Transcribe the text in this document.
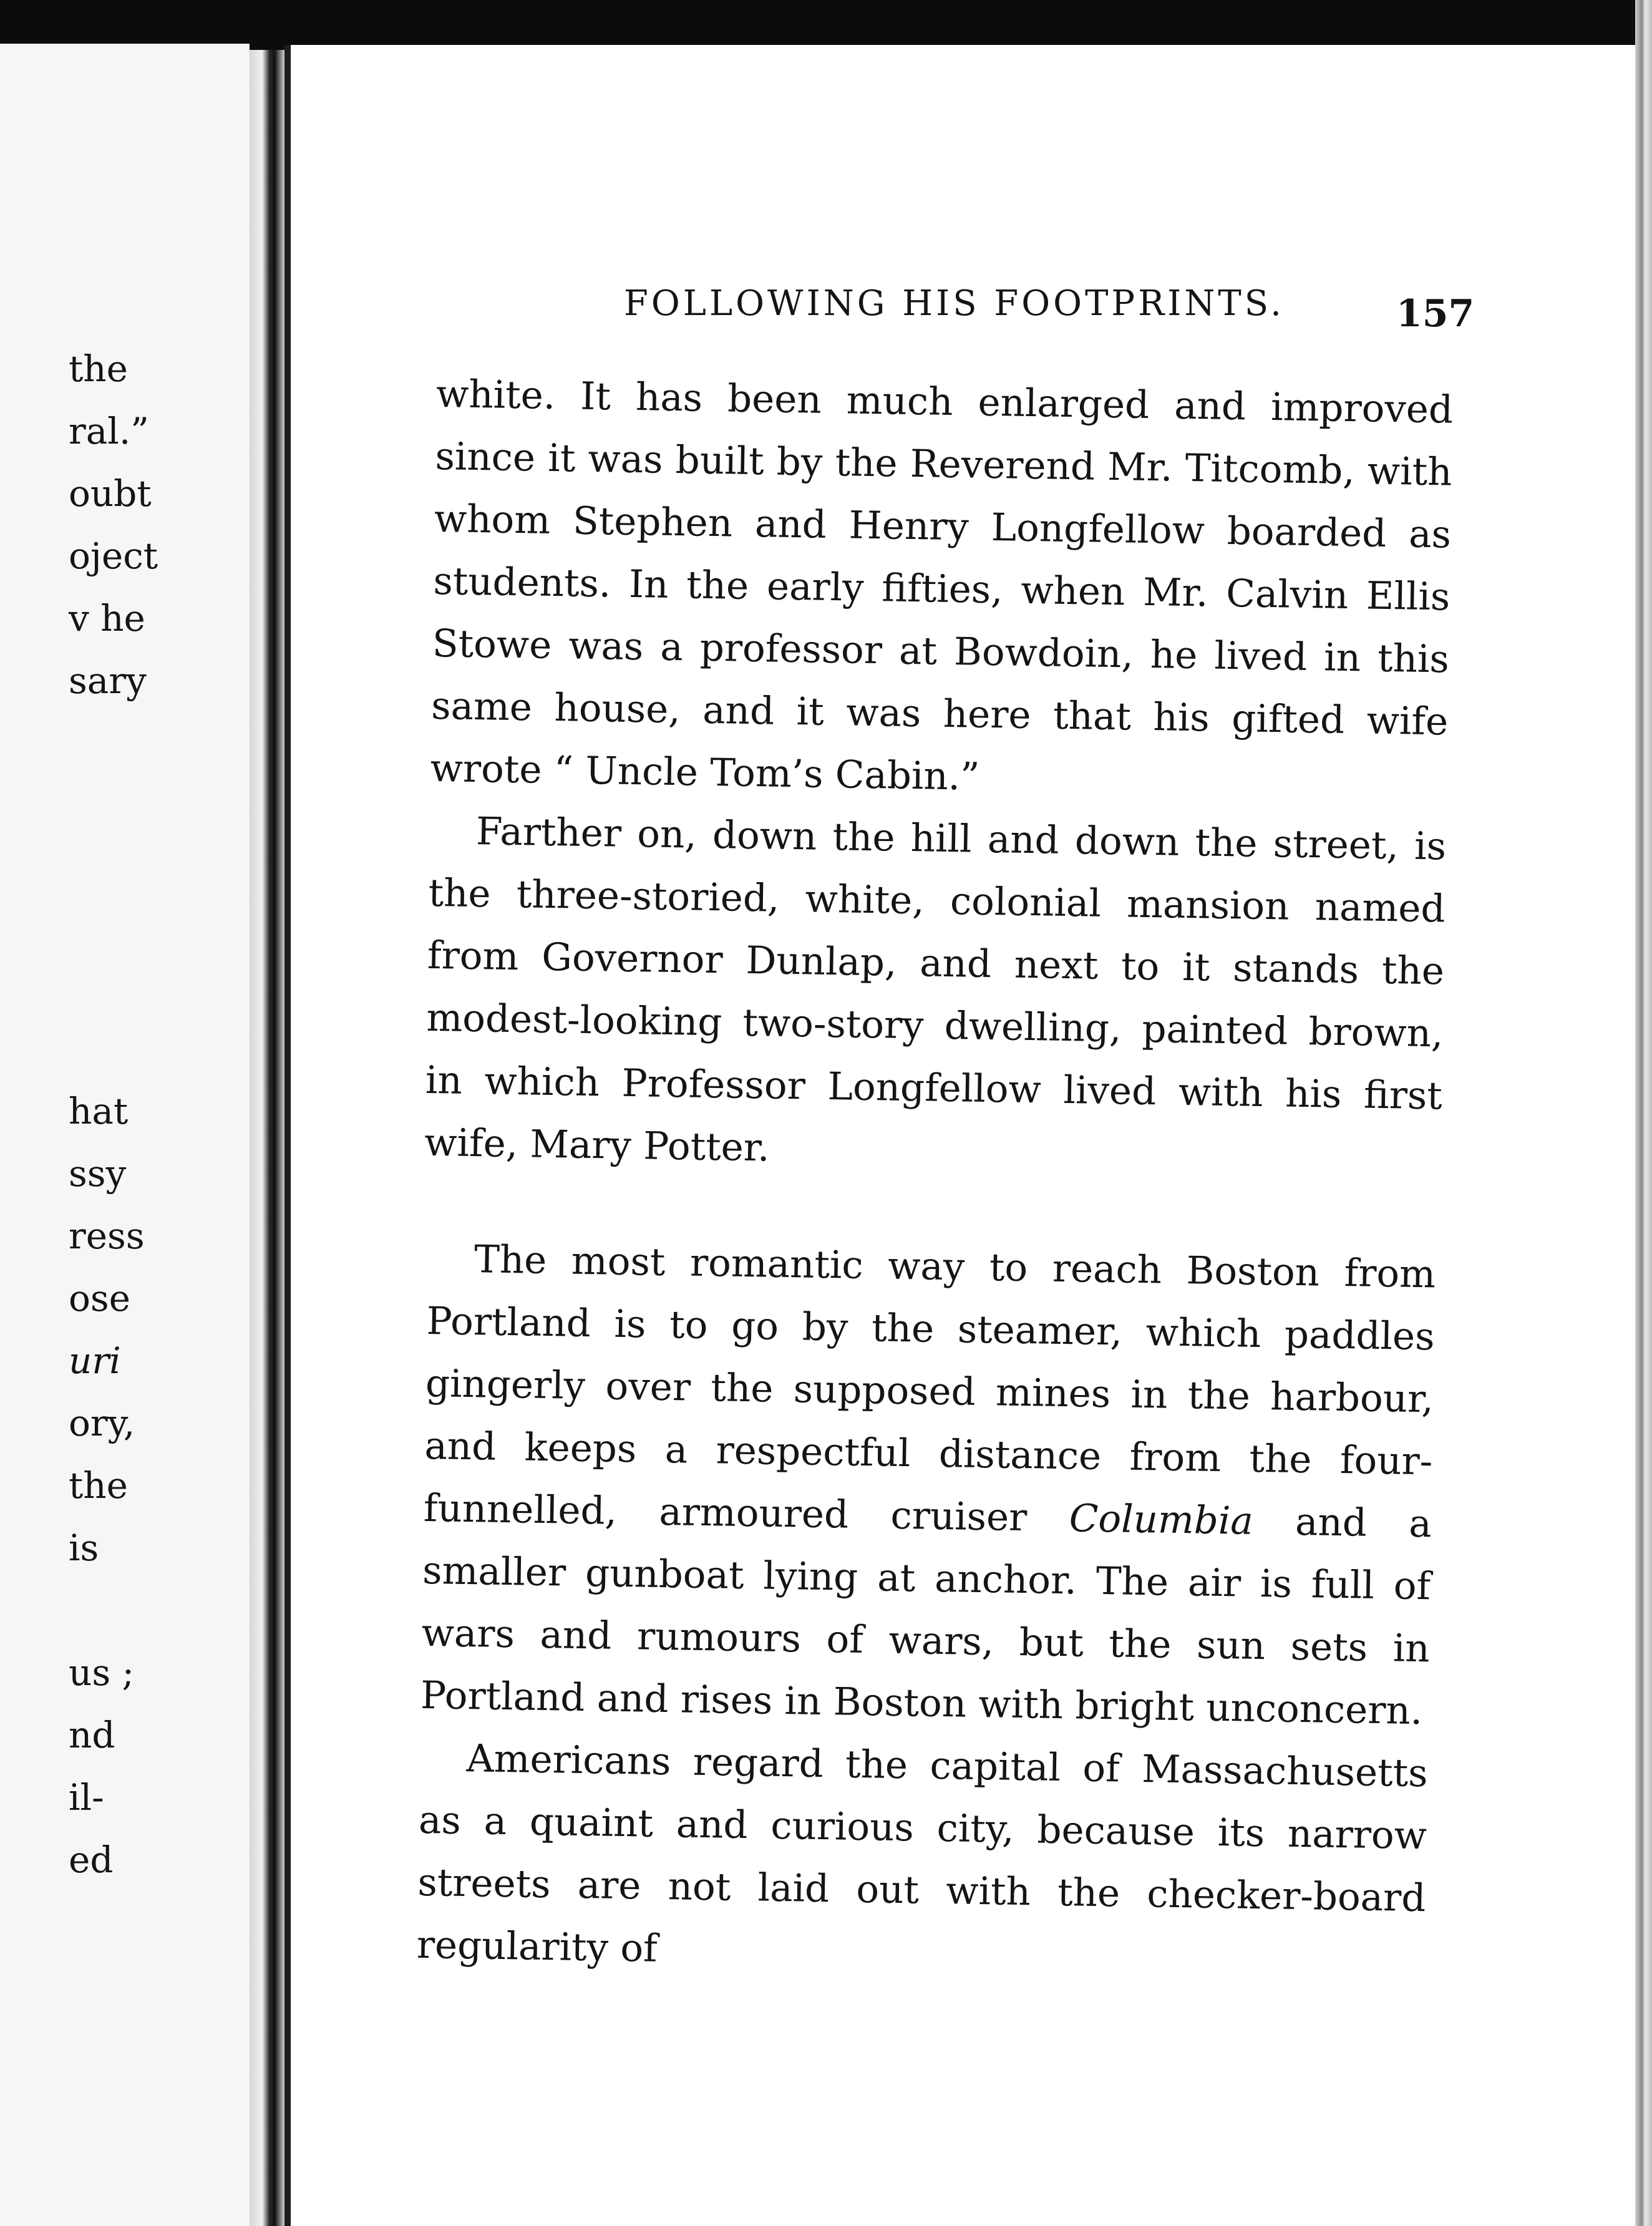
the
ral.”
oubt
oject
v he
sary
hat
ssy
ress
ose
uri
ory,
the
is
us ;
nd
il-
ed
FOLLOWING HIS FOOTPRINTS.	157

white. It has been much enlarged and improved since it was built by the Reverend Mr. Titcomb, with whom Stephen and Henry Longfellow boarded as students. In the early fifties, when Mr. Calvin Ellis Stowe was a professor at Bowdoin, he lived in this same house, and it was here that his gifted wife wrote “ Uncle Tom’s Cabin.”

Farther on, down the hill and down the street, is the three-storied, white, colonial mansion named from Governor Dunlap, and next to it stands the modest-looking two-story dwelling, painted brown, in which Professor Longfellow lived with his first wife, Mary Potter.

The most romantic way to reach Boston from Portland is to go by the steamer, which paddles gingerly over the supposed mines in the harbour, and keeps a respectful distance from the four-funnelled, armoured cruiser Columbia and a smaller gunboat lying at anchor. The air is full of wars and rumours of wars, but the sun sets in Portland and rises in Boston with bright unconcern.

Americans regard the capital of Massachusetts as a quaint and curious city, because its narrow streets are not laid out with the checker-board regularity of
